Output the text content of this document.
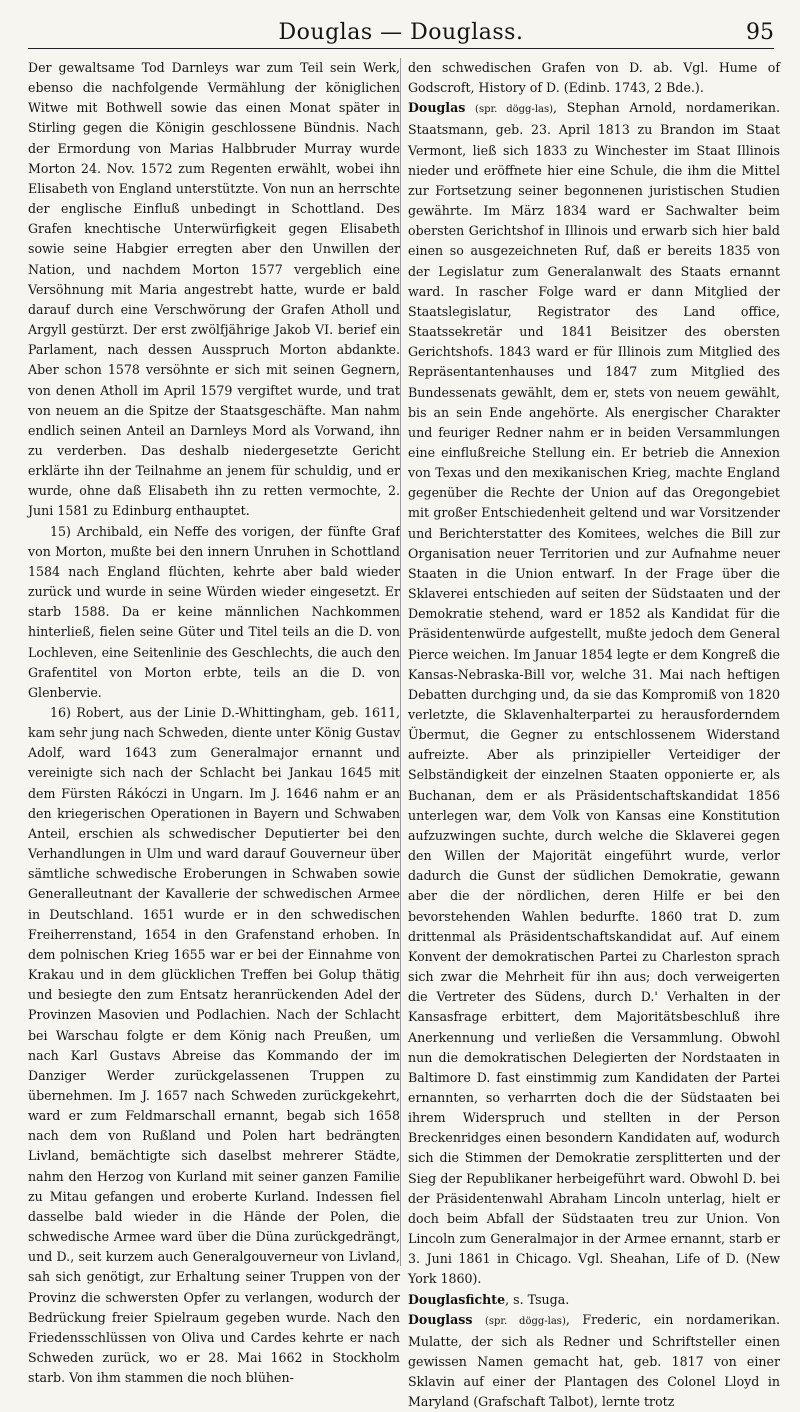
Douglas — Douglass.	95

Der gewaltsame Tod Darnleys war zum Teil sein Werk, ebenso die nachfolgende Vermählung der königlichen Witwe mit Bothwell sowie das einen Monat später in Stirling gegen die Königin geschlossene Bündnis. Nach der Ermordung von Marias Halbbruder Murray wurde Morton 24. Nov. 1572 zum Regenten erwählt, wobei ihn Elisabeth von England unterstützte. Von nun an herrschte der englische Einfluß unbedingt in Schottland. Des Grafen knechtische Unterwürfigkeit gegen Elisabeth sowie seine Habgier erregten aber den Unwillen der Nation, und nachdem Morton 1577 vergeblich eine Versöhnung mit Maria angestrebt hatte, wurde er bald darauf durch eine Verschwörung der Grafen Atholl und Argyll gestürzt. Der erst zwölfjährige Jakob VI. berief ein Parlament, nach dessen Ausspruch Morton abdankte. Aber schon 1578 versöhnte er sich mit seinen Gegnern, von denen Atholl im April 1579 vergiftet wurde, und trat von neuem an die Spitze der Staatsgeschäfte. Man nahm endlich seinen Anteil an Darnleys Mord als Vorwand, ihn zu verderben. Das deshalb niedergesetzte Gericht erklärte ihn der Teilnahme an jenem für schuldig, und er wurde, ohne daß Elisabeth ihn zu retten vermochte, 2. Juni 1581 zu Edinburg enthauptet.

15) Archibald, ein Neffe des vorigen, der fünfte Graf von Morton, mußte bei den innern Unruhen in Schottland 1584 nach England flüchten, kehrte aber bald wieder zurück und wurde in seine Würden wieder eingesetzt. Er starb 1588. Da er keine männlichen Nachkommen hinterließ, fielen seine Güter und Titel teils an die D. von Lochleven, eine Seitenlinie des Geschlechts, die auch den Grafentitel von Morton erbte, teils an die D. von Glenbervie.

16) Robert, aus der Linie D.-Whittingham, geb. 1611, kam sehr jung nach Schweden, diente unter König Gustav Adolf, ward 1643 zum Generalmajor ernannt und vereinigte sich nach der Schlacht bei Jankau 1645 mit dem Fürsten Rákóczi in Ungarn. Im J. 1646 nahm er an den kriegerischen Operationen in Bayern und Schwaben Anteil, erschien als schwedischer Deputierter bei den Verhandlungen in Ulm und ward darauf Gouverneur über sämtliche schwedische Eroberungen in Schwaben sowie Generalleutnant der Kavallerie der schwedischen Armee in Deutschland. 1651 wurde er in den schwedischen Freiherrenstand, 1654 in den Grafenstand erhoben. In dem polnischen Krieg 1655 war er bei der Einnahme von Krakau und in dem glücklichen Treffen bei Golup thätig und besiegte den zum Entsatz heranrückenden Adel der Provinzen Masovien und Podlachien. Nach der Schlacht bei Warschau folgte er dem König nach Preußen, um nach Karl Gustavs Abreise das Kommando der im Danziger Werder zurückgelassenen Truppen zu übernehmen. Im J. 1657 nach Schweden zurückgekehrt, ward er zum Feldmarschall ernannt, begab sich 1658 nach dem von Rußland und Polen hart bedrängten Livland, bemächtigte sich daselbst mehrerer Städte, nahm den Herzog von Kurland mit seiner ganzen Familie zu Mitau gefangen und eroberte Kurland. Indessen fiel dasselbe bald wieder in die Hände der Polen, die schwedische Armee ward über die Düna zurückgedrängt, und D., seit kurzem auch Generalgouverneur von Livland, sah sich genötigt, zur Erhaltung seiner Truppen von der Provinz die schwersten Opfer zu verlangen, wodurch der Bedrückung freier Spielraum gegeben wurde. Nach den Friedensschlüssen von Oliva und Cardes kehrte er nach Schweden zurück, wo er 28. Mai 1662 in Stockholm starb. Von ihm stammen die noch blühen-

den schwedischen Grafen von D. ab. Vgl. Hume of Godscroft, History of D. (Edinb. 1743, 2 Bde.).

Douglas (spr. dögg-las), Stephan Arnold, nordamerikan. Staatsmann, geb. 23. April 1813 zu Brandon im Staat Vermont, ließ sich 1833 zu Winchester im Staat Illinois nieder und eröffnete hier eine Schule, die ihm die Mittel zur Fortsetzung seiner begonnenen juristischen Studien gewährte. Im März 1834 ward er Sachwalter beim obersten Gerichtshof in Illinois und erwarb sich hier bald einen so ausgezeichneten Ruf, daß er bereits 1835 von der Legislatur zum Generalanwalt des Staats ernannt ward. In rascher Folge ward er dann Mitglied der Staatslegislatur, Registrator des Land office, Staatssekretär und 1841 Beisitzer des obersten Gerichtshofs. 1843 ward er für Illinois zum Mitglied des Repräsentantenhauses und 1847 zum Mitglied des Bundessenats gewählt, dem er, stets von neuem gewählt, bis an sein Ende angehörte. Als energischer Charakter und feuriger Redner nahm er in beiden Versammlungen eine einflußreiche Stellung ein. Er betrieb die Annexion von Texas und den mexikanischen Krieg, machte England gegenüber die Rechte der Union auf das Oregongebiet mit großer Entschiedenheit geltend und war Vorsitzender und Berichterstatter des Komitees, welches die Bill zur Organisation neuer Territorien und zur Aufnahme neuer Staaten in die Union entwarf. In der Frage über die Sklaverei entschieden auf seiten der Südstaaten und der Demokratie stehend, ward er 1852 als Kandidat für die Präsidentenwürde aufgestellt, mußte jedoch dem General Pierce weichen. Im Januar 1854 legte er dem Kongreß die Kansas-Nebraska-Bill vor, welche 31. Mai nach heftigen Debatten durchging und, da sie das Kompromiß von 1820 verletzte, die Sklavenhalterpartei zu herausforderndem Übermut, die Gegner zu entschlossenem Widerstand aufreizte. Aber als prinzipieller Verteidiger der Selbständigkeit der einzelnen Staaten opponierte er, als Buchanan, dem er als Präsidentschaftskandidat 1856 unterlegen war, dem Volk von Kansas eine Konstitution aufzuzwingen suchte, durch welche die Sklaverei gegen den Willen der Majorität eingeführt wurde, verlor dadurch die Gunst der südlichen Demokratie, gewann aber die der nördlichen, deren Hilfe er bei den bevorstehenden Wahlen bedurfte. 1860 trat D. zum drittenmal als Präsidentschaftskandidat auf. Auf einem Konvent der demokratischen Partei zu Charleston sprach sich zwar die Mehrheit für ihn aus; doch verweigerten die Vertreter des Südens, durch D.' Verhalten in der Kansasfrage erbittert, dem Majoritätsbeschluß ihre Anerkennung und verließen die Versammlung. Obwohl nun die demokratischen Delegierten der Nordstaaten in Baltimore D. fast einstimmig zum Kandidaten der Partei ernannten, so verharrten doch die der Südstaaten bei ihrem Widerspruch und stellten in der Person Breckenridges einen besondern Kandidaten auf, wodurch sich die Stimmen der Demokratie zersplitterten und der Sieg der Republikaner herbeigeführt ward. Obwohl D. bei der Präsidentenwahl Abraham Lincoln unterlag, hielt er doch beim Abfall der Südstaaten treu zur Union. Von Lincoln zum Generalmajor in der Armee ernannt, starb er 3. Juni 1861 in Chicago. Vgl. Sheahan, Life of D. (New York 1860).

Douglasfichte, s. Tsuga.

Douglass (spr. dögg-las), Frederic, ein nordamerikan. Mulatte, der sich als Redner und Schriftsteller einen gewissen Namen gemacht hat, geb. 1817 von einer Sklavin auf einer der Plantagen des Colonel Lloyd in Maryland (Grafschaft Talbot), lernte trotz
